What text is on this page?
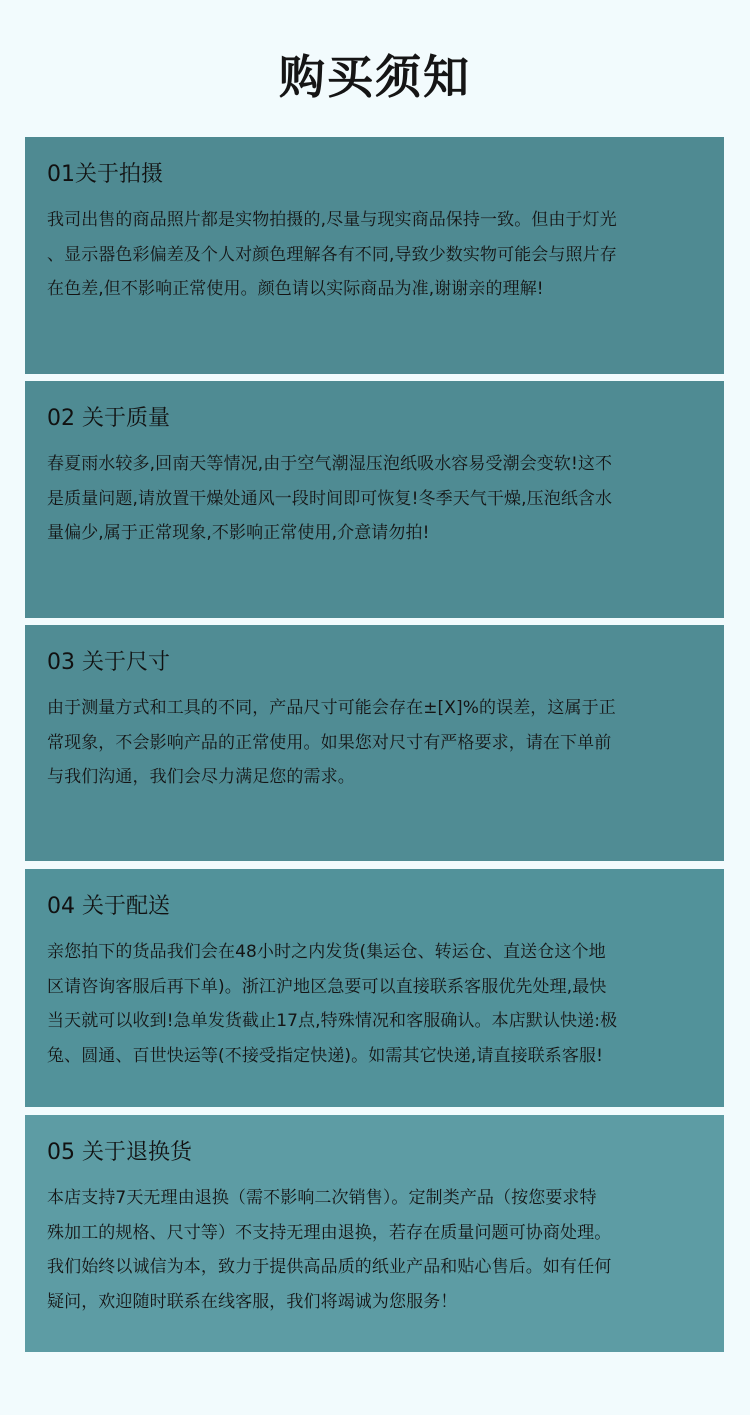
购买须知
01关于拍摄
我司出售的商品照片都是实物拍摄的,尽量与现实商品保持一致。但由于灯光
、显示器色彩偏差及个人对颜色理解各有不同,导致少数实物可能会与照片存
在色差,但不影响正常使用。颜色请以实际商品为准,谢谢亲的理解!
02 关于质量
春夏雨水较多,回南天等情况,由于空气潮湿压泡纸吸水容易受潮会变软!这不
是质量问题,请放置干燥处通风一段时间即可恢复!冬季天气干燥,压泡纸含水
量偏少,属于正常现象,不影响正常使用,介意请勿拍!
03 关于尺寸
由于测量方式和工具的不同，产品尺寸可能会存在±[X]%的误差，这属于正
常现象，不会影响产品的正常使用。如果您对尺寸有严格要求，请在下单前
与我们沟通，我们会尽力满足您的需求。
04 关于配送
亲您拍下的货品我们会在48小时之内发货(集运仓、转运仓、直送仓这个地
区请咨询客服后再下单)。浙江沪地区急要可以直接联系客服优先处理,最快
当天就可以收到!急单发货截止17点,特殊情况和客服确认。本店默认快递:极
兔、圆通、百世快运等(不接受指定快递)。如需其它快递,请直接联系客服!
05 关于退换货
本店支持7天无理由退换（需不影响二次销售）。定制类产品（按您要求特
殊加工的规格、尺寸等）不支持无理由退换，若存在质量问题可协商处理。
我们始终以诚信为本，致力于提供高品质的纸业产品和贴心售后。如有任何
疑问，欢迎随时联系在线客服，我们将竭诚为您服务！
